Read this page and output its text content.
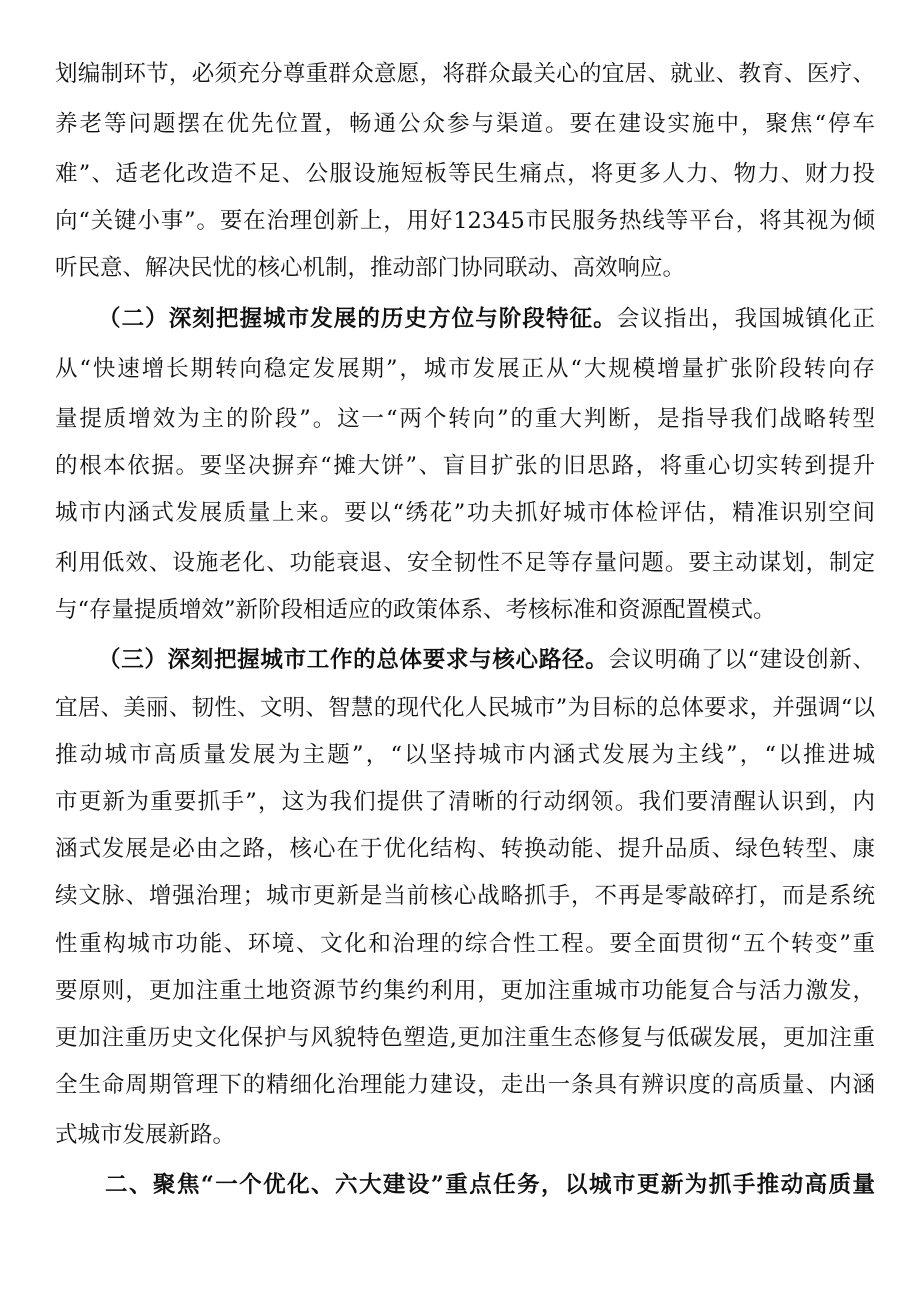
划编制环节，必须充分尊重群众意愿，将群众最关心的宜居、就业、教育、医疗、
养老等问题摆在优先位置，畅通公众参与渠道。要在建设实施中，聚焦“停车
难”、适老化改造不足、公服设施短板等民生痛点，将更多人力、物力、财力投
向“关键小事”。要在治理创新上，用好12345市民服务热线等平台，将其视为倾
听民意、解决民忧的核心机制，推动部门协同联动、高效响应。
（二）深刻把握城市发展的历史方位与阶段特征。会议指出，我国城镇化正
从“快速增长期转向稳定发展期”，城市发展正从“大规模增量扩张阶段转向存
量提质增效为主的阶段”。这一“两个转向”的重大判断，是指导我们战略转型
的根本依据。要坚决摒弃“摊大饼”、盲目扩张的旧思路，将重心切实转到提升
城市内涵式发展质量上来。要以“绣花”功夫抓好城市体检评估，精准识别空间
利用低效、设施老化、功能衰退、安全韧性不足等存量问题。要主动谋划，制定
与“存量提质增效”新阶段相适应的政策体系、考核标准和资源配置模式。
（三）深刻把握城市工作的总体要求与核心路径。会议明确了以“建设创新、
宜居、美丽、韧性、文明、智慧的现代化人民城市”为目标的总体要求，并强调“以
推动城市高质量发展为主题”，“以坚持城市内涵式发展为主线”，“以推进城
市更新为重要抓手”，这为我们提供了清晰的行动纲领。我们要清醒认识到，内
涵式发展是必由之路，核心在于优化结构、转换动能、提升品质、绿色转型、康
续文脉、增强治理；城市更新是当前核心战略抓手，不再是零敲碎打，而是系统
性重构城市功能、环境、文化和治理的综合性工程。要全面贯彻“五个转变”重
要原则，更加注重土地资源节约集约利用，更加注重城市功能复合与活力激发，
更加注重历史文化保护与风貌特色塑造,更加注重生态修复与低碳发展，更加注重
全生命周期管理下的精细化治理能力建设，走出一条具有辨识度的高质量、内涵
式城市发展新路。
二、聚焦“一个优化、六大建设”重点任务，以城市更新为抓手推动高质量
